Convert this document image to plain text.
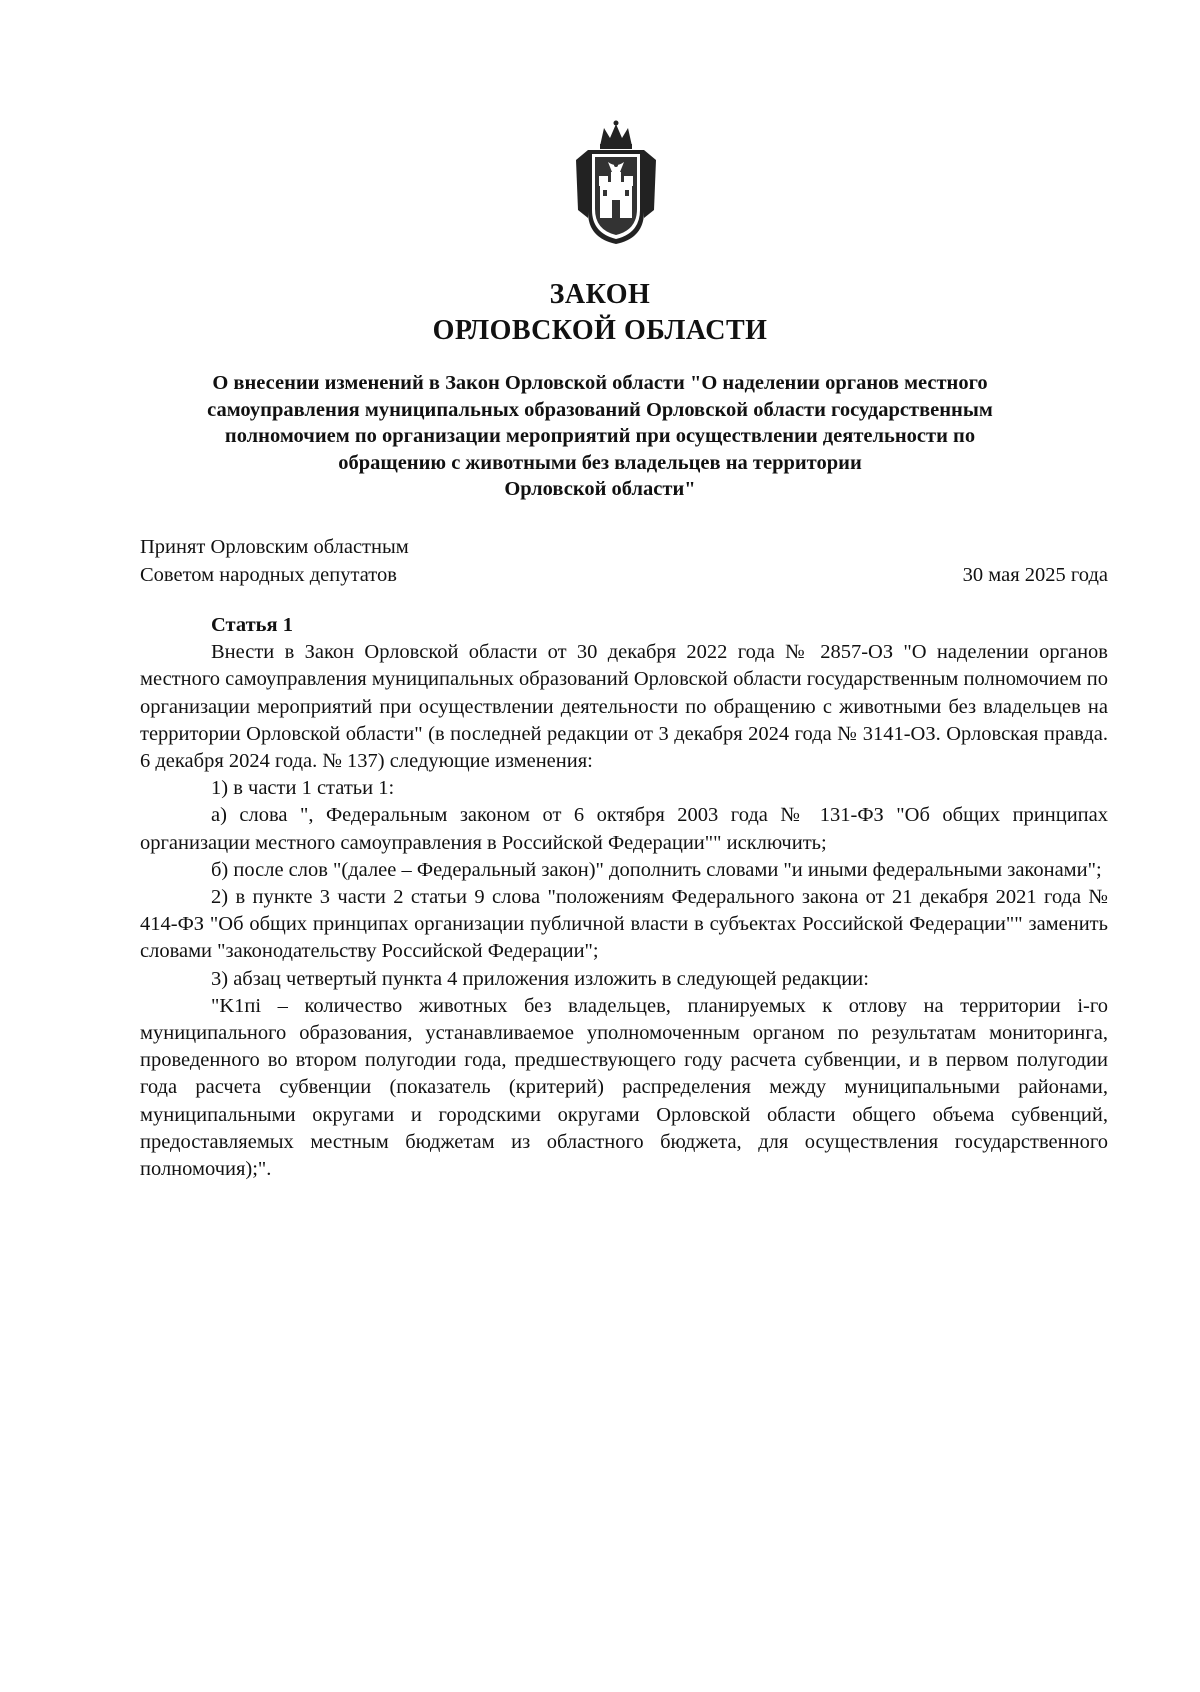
ЗАКОН
ОРЛОВСКОЙ ОБЛАСТИ
О внесении изменений в Закон Орловской области "О наделении органов местного
самоуправления муниципальных образований Орловской области государственным
полномочием по организации мероприятий при осуществлении деятельности по
обращению с животными без владельцев на территории
Орловской области"
Принят Орловским областным
Советом народных депутатов	30 мая 2025 года
Статья 1

Внести в Закон Орловской области от 30 декабря 2022 года № 2857-ОЗ "О наделении органов местного самоуправления муниципальных образований Орловской области государственным полномочием по организации мероприятий при осуществлении деятельности по обращению с животными без владельцев на территории Орловской области" (в последней редакции от 3 декабря 2024 года № 3141-ОЗ. Орловская правда. 6 декабря 2024 года. № 137) следующие изменения:

1) в части 1 статьи 1:

а) слова ", Федеральным законом от 6 октября 2003 года № 131-ФЗ "Об общих принципах организации местного самоуправления в Российской Федерации"" исключить;

б) после слов "(далее – Федеральный закон)" дополнить словами "и иными федеральными законами";

2) в пункте 3 части 2 статьи 9 слова "положениям Федерального закона от 21 декабря 2021 года № 414-ФЗ "Об общих принципах организации публичной власти в субъектах Российской Федерации"" заменить словами "законодательству Российской Федерации";

3) абзац четвертый пункта 4 приложения изложить в следующей редакции:

"K1пi – количество животных без владельцев, планируемых к отлову на территории i-го муниципального образования, устанавливаемое уполномоченным органом по результатам мониторинга, проведенного во втором полугодии года, предшествующего году расчета субвенции, и в первом полугодии года расчета субвенции (показатель (критерий) распределения между муниципальными районами, муниципальными округами и городскими округами Орловской области общего объема субвенций, предоставляемых местным бюджетам из областного бюджета, для осуществления государственного полномочия);".
